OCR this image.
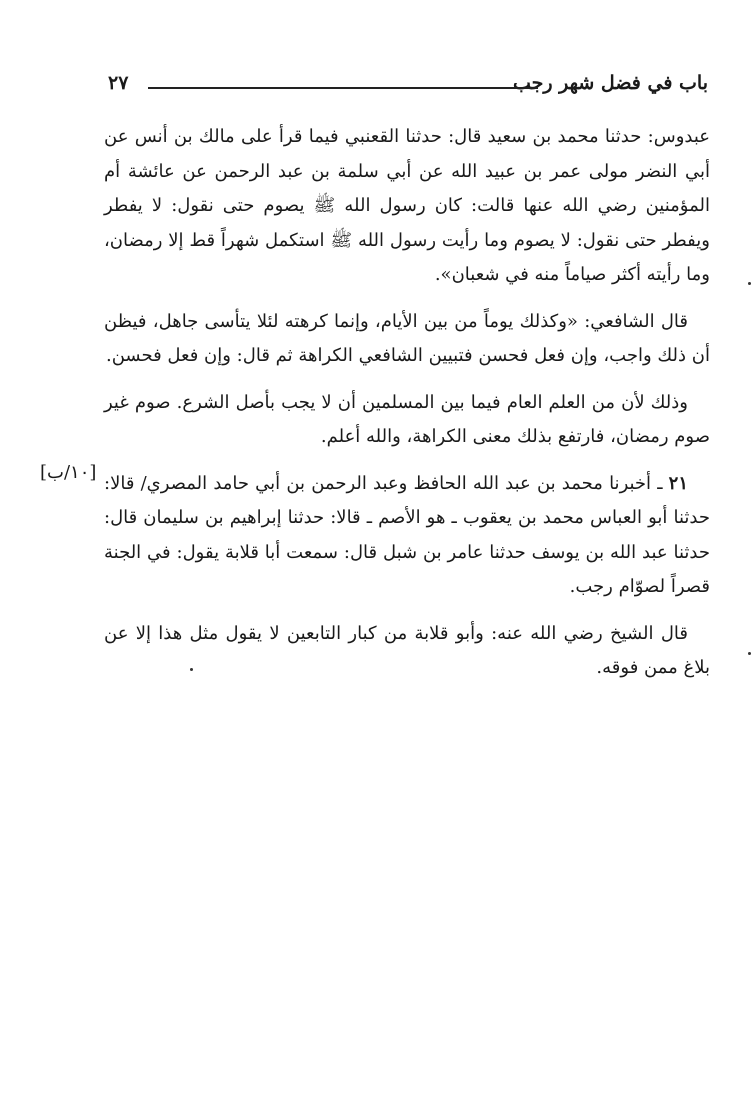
باب في فضل شهر رجب
٢٧

عبدوس: حدثنا محمد بن سعيد قال: حدثنا القعنبي فيما قرأ على مالك بن أنس عن أبي النضر مولى عمر بن عبيد الله عن أبي سلمة بن عبد الرحمن عن عائشة أم المؤمنين رضي الله عنها قالت: كان رسول الله ﷺ يصوم حتى نقول: لا يفطر ويفطر حتى نقول: لا يصوم وما رأيت رسول الله ﷺ استكمل شهراً قط إلا رمضان، وما رأيته أكثر صياماً منه في شعبان».

قال الشافعي: «وكذلك يوماً من بين الأيام، وإنما كرهته لئلا يتأسى جاهل، فيظن أن ذلك واجب، وإن فعل فحسن فتبيين الشافعي الكراهة ثم قال: وإن فعل فحسن.

وذلك لأن من العلم العام فيما بين المسلمين أن لا يجب بأصل الشرع. صوم غير صوم رمضان، فارتفع بذلك معنى الكراهة، والله أعلم.

٢١ ـ أخبرنا محمد بن عبد الله الحافظ وعبد الرحمن بن أبي حامد المصري/ قالا: حدثنا أبو العباس محمد بن يعقوب ـ هو الأصم ـ قالا: حدثنا إبراهيم بن سليمان قال: حدثنا عبد الله بن يوسف حدثنا عامر بن شبل قال: سمعت أبا قلابة يقول: في الجنة قصراً لصوّام رجب.

قال الشيخ رضي الله عنه: وأبو قلابة من كبار التابعين لا يقول مثل هذا إلا عن بلاغ ممن فوقه.

[١٠/ب]
